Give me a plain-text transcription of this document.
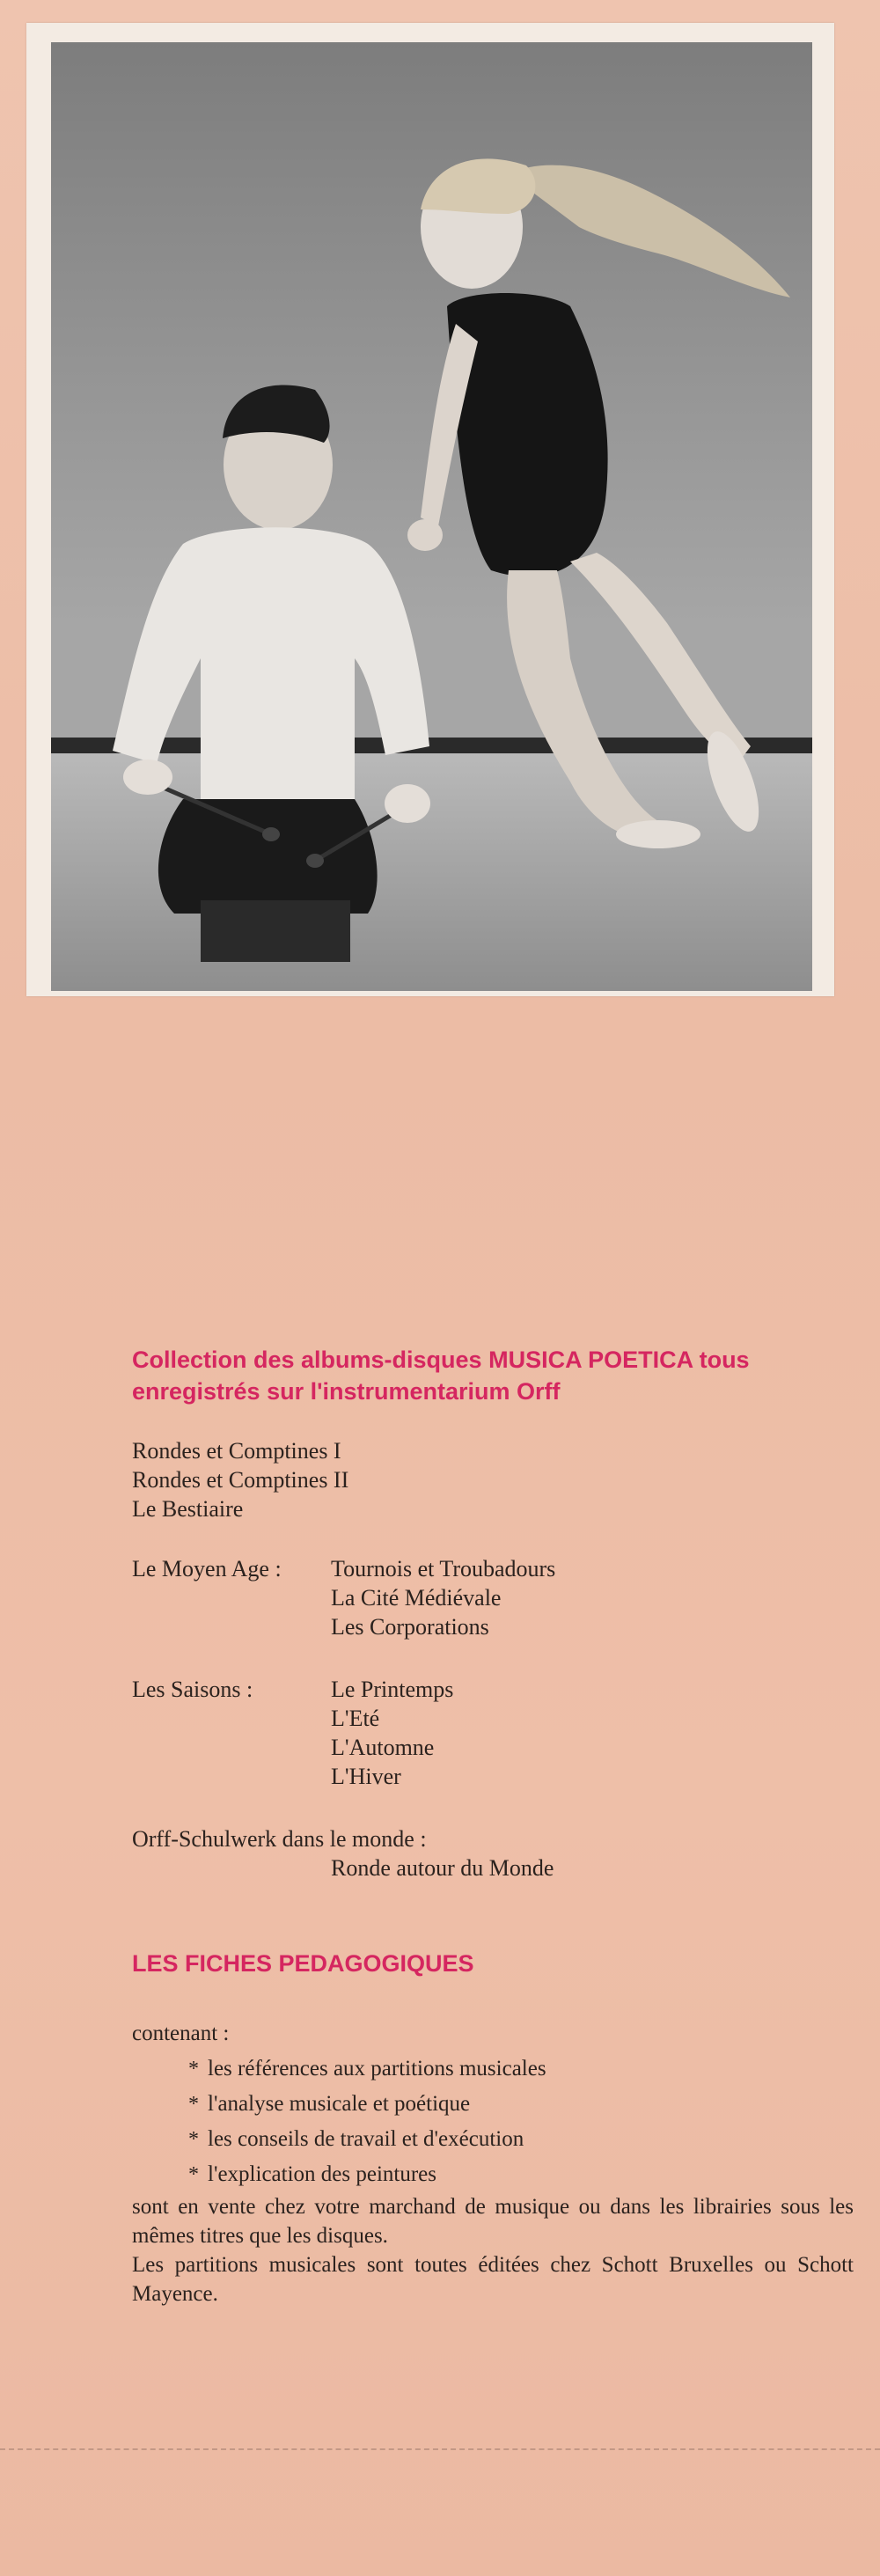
Collection des albums-disques MUSICA POETICA tous
enregistrés sur l'instrumentarium Orff
Rondes et Comptines I
Rondes et Comptines II
Le Bestiaire
Le Moyen Age : Tournois et Troubadours
La Cité Médiévale
Les Corporations
Les Saisons :	Le Printemps
L'Eté
L'Automne
L'Hiver
Orff-Schulwerk dans le monde :
Ronde autour du Monde
LES FICHES PEDAGOGIQUES

contenant :

* les références aux partitions musicales
* l'analyse musicale et poétique
* les conseils de travail et d'exécution
* l'explication des peintures

sont en vente chez votre marchand de musique ou dans les librairies sous les mêmes titres que les disques.

Les partitions musicales sont toutes éditées chez Schott Bruxelles ou Schott Mayence.
